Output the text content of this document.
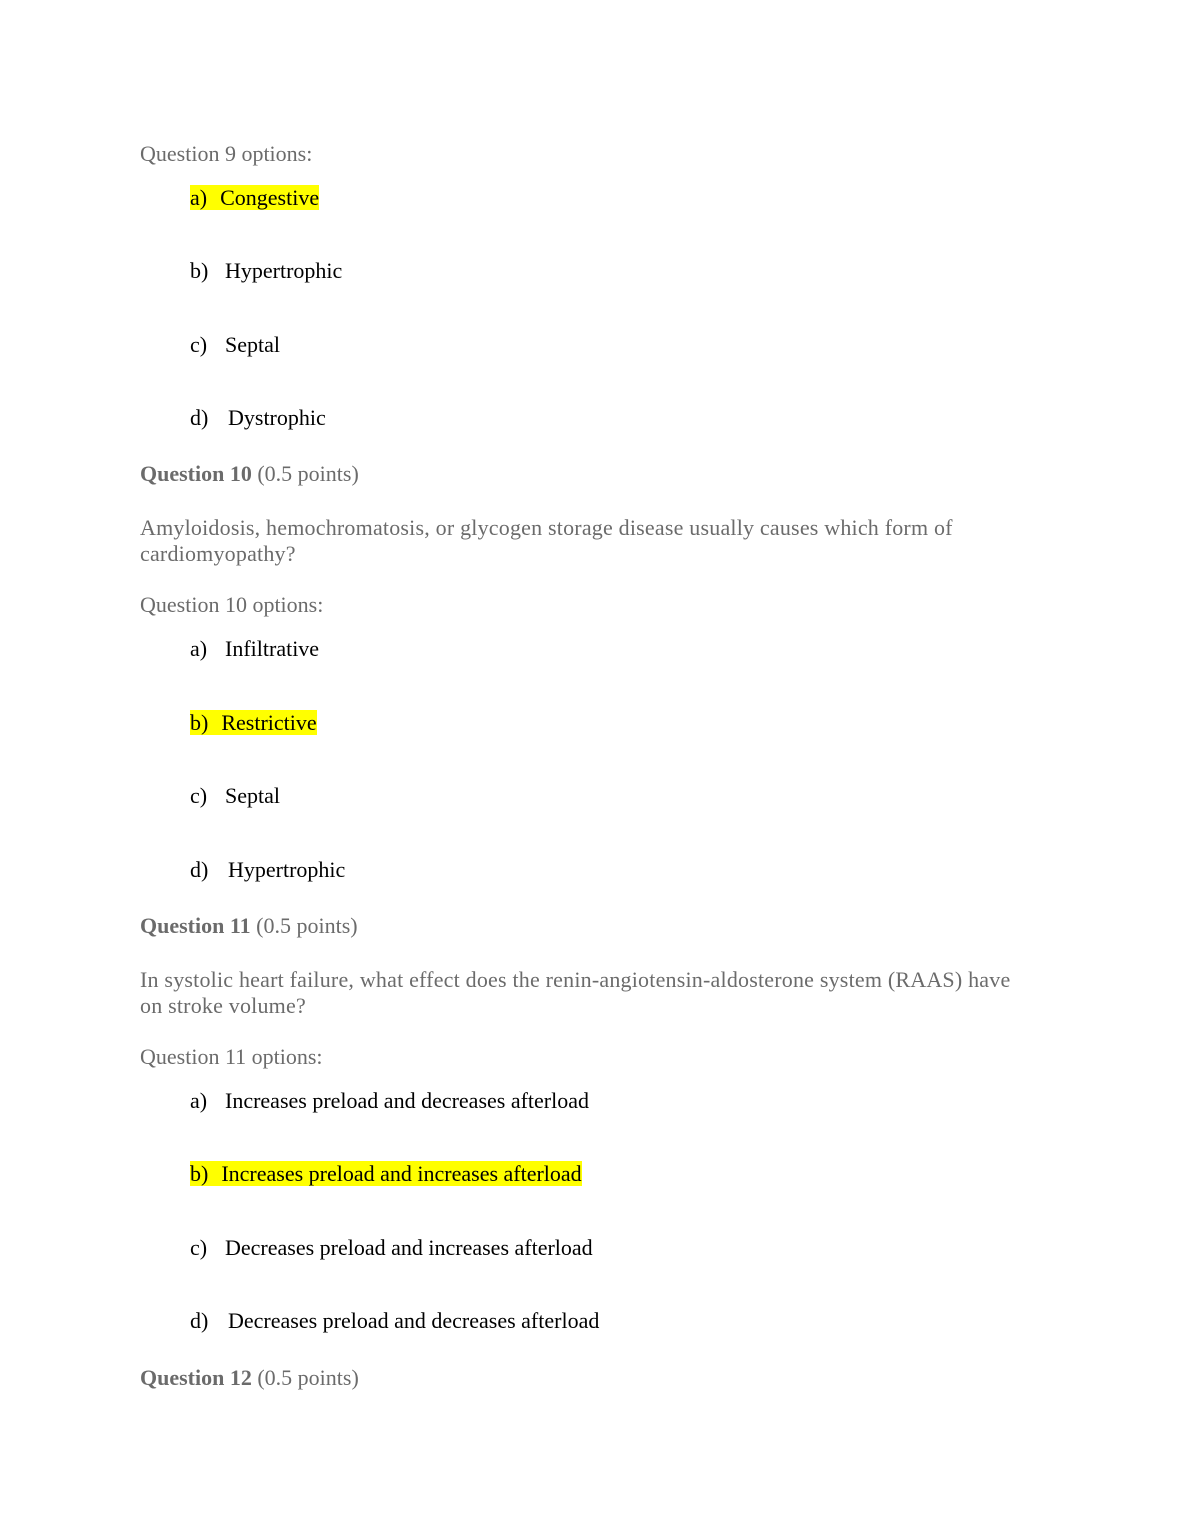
Question 9 options:
a) Congestive
b) Hypertrophic
c) Septal
d) Dystrophic
Question 10 (0.5 points)
Amyloidosis, hemochromatosis, or glycogen storage disease usually causes which form of cardiomyopathy?
Question 10 options:
a) Infiltrative
b) Restrictive
c) Septal
d) Hypertrophic
Question 11 (0.5 points)
In systolic heart failure, what effect does the renin-angiotensin-aldosterone system (RAAS) have on stroke volume?
Question 11 options:
a) Increases preload and decreases afterload
b) Increases preload and increases afterload
c) Decreases preload and increases afterload
d) Decreases preload and decreases afterload
Question 12 (0.5 points)
